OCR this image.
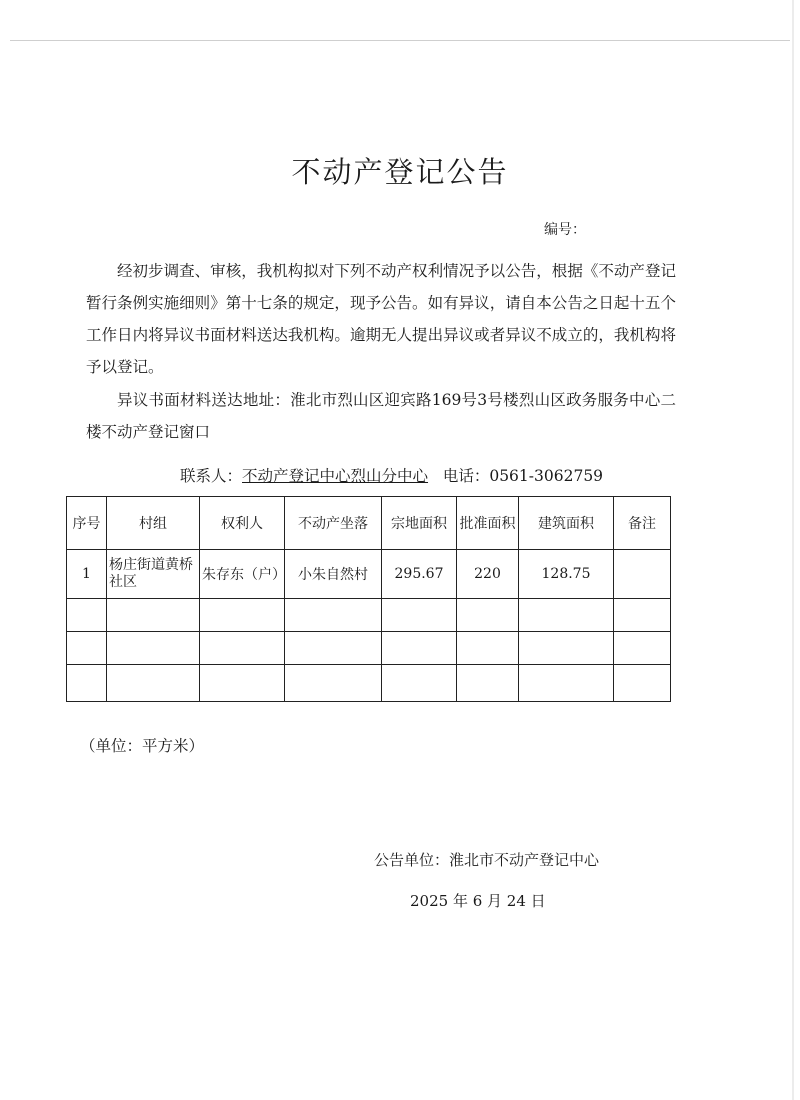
不动产登记公告
编号：
经初步调查、审核，我机构拟对下列不动产权利情况予以公告，根据《不动产登记暂行条例实施细则》第十七条的规定，现予公告。如有异议，请自本公告之日起十五个工作日内将异议书面材料送达我机构。逾期无人提出异议或者异议不成立的，我机构将予以登记。
异议书面材料送达地址：淮北市烈山区迎宾路169号3号楼烈山区政务服务中心二楼不动产登记窗口
联系人：不动产登记中心烈山分中心 电话：0561-3062759
序号	村组	权利人	不动产坐落	宗地面积	批准面积	建筑面积	备注
1	杨庄街道黄桥社区	朱存东（户）	小朱自然村	295.67	220	128.75	

（单位：平方米）
公告单位：淮北市不动产登记中心
2025 年 6 月 24 日
